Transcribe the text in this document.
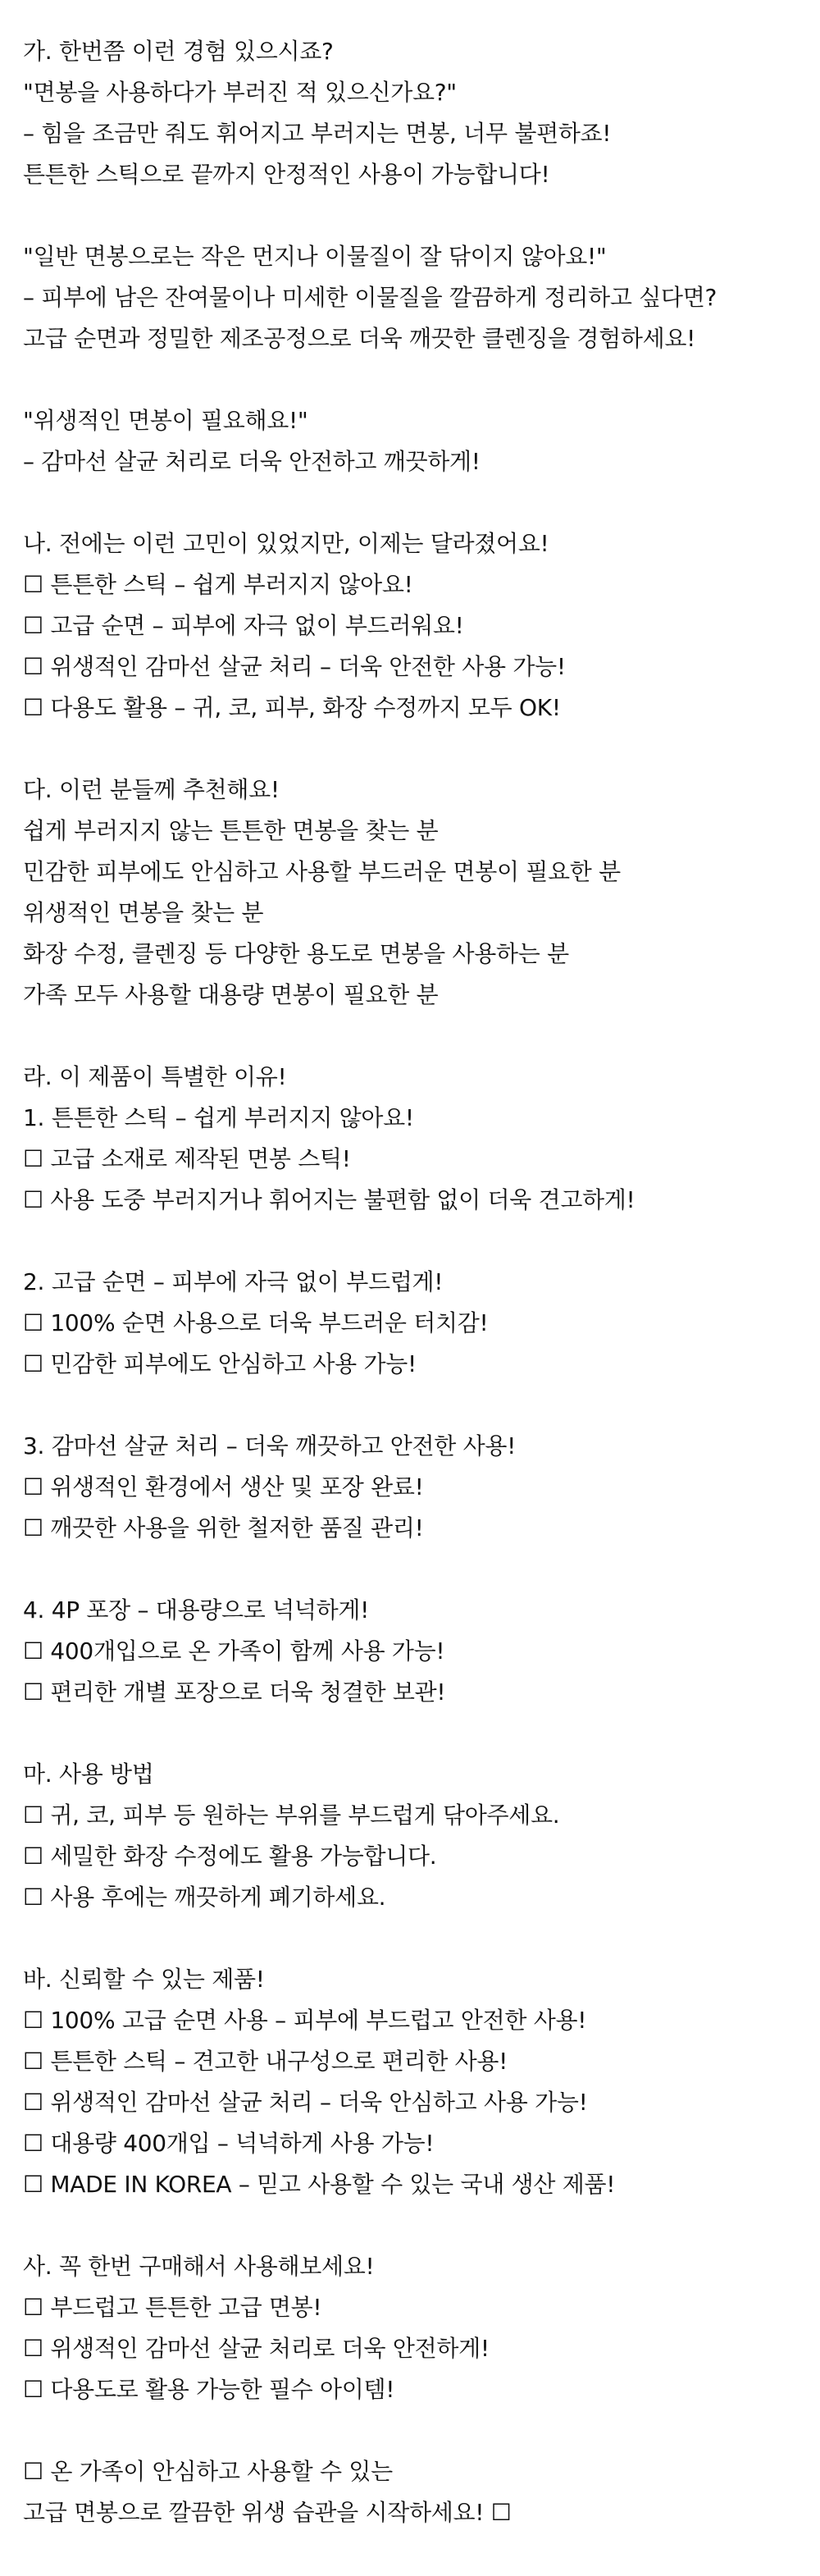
가. 한번쯤 이런 경험 있으시죠?
"면봉을 사용하다가 부러진 적 있으신가요?"
– 힘을 조금만 줘도 휘어지고 부러지는 면봉, 너무 불편하죠!
튼튼한 스틱으로 끝까지 안정적인 사용이 가능합니다!
"일반 면봉으로는 작은 먼지나 이물질이 잘 닦이지 않아요!"
– 피부에 남은 잔여물이나 미세한 이물질을 깔끔하게 정리하고 싶다면?
고급 순면과 정밀한 제조공정으로 더욱 깨끗한 클렌징을 경험하세요!
"위생적인 면봉이 필요해요!"
– 감마선 살균 처리로 더욱 안전하고 깨끗하게!
나. 전에는 이런 고민이 있었지만, 이제는 달라졌어요!
☐ 튼튼한 스틱 – 쉽게 부러지지 않아요!
☐ 고급 순면 – 피부에 자극 없이 부드러워요!
☐ 위생적인 감마선 살균 처리 – 더욱 안전한 사용 가능!
☐ 다용도 활용 – 귀, 코, 피부, 화장 수정까지 모두 OK!
다. 이런 분들께 추천해요!
쉽게 부러지지 않는 튼튼한 면봉을 찾는 분
민감한 피부에도 안심하고 사용할 부드러운 면봉이 필요한 분
위생적인 면봉을 찾는 분
화장 수정, 클렌징 등 다양한 용도로 면봉을 사용하는 분
가족 모두 사용할 대용량 면봉이 필요한 분
라. 이 제품이 특별한 이유!
1. 튼튼한 스틱 – 쉽게 부러지지 않아요!
☐ 고급 소재로 제작된 면봉 스틱!
☐ 사용 도중 부러지거나 휘어지는 불편함 없이 더욱 견고하게!
2. 고급 순면 – 피부에 자극 없이 부드럽게!
☐ 100% 순면 사용으로 더욱 부드러운 터치감!
☐ 민감한 피부에도 안심하고 사용 가능!
3. 감마선 살균 처리 – 더욱 깨끗하고 안전한 사용!
☐ 위생적인 환경에서 생산 및 포장 완료!
☐ 깨끗한 사용을 위한 철저한 품질 관리!
4. 4P 포장 – 대용량으로 넉넉하게!
☐ 400개입으로 온 가족이 함께 사용 가능!
☐ 편리한 개별 포장으로 더욱 청결한 보관!
마. 사용 방법
☐ 귀, 코, 피부 등 원하는 부위를 부드럽게 닦아주세요.
☐ 세밀한 화장 수정에도 활용 가능합니다.
☐ 사용 후에는 깨끗하게 폐기하세요.
바. 신뢰할 수 있는 제품!
☐ 100% 고급 순면 사용 – 피부에 부드럽고 안전한 사용!
☐ 튼튼한 스틱 – 견고한 내구성으로 편리한 사용!
☐ 위생적인 감마선 살균 처리 – 더욱 안심하고 사용 가능!
☐ 대용량 400개입 – 넉넉하게 사용 가능!
☐ MADE IN KOREA – 믿고 사용할 수 있는 국내 생산 제품!
사. 꼭 한번 구매해서 사용해보세요!
☐ 부드럽고 튼튼한 고급 면봉!
☐ 위생적인 감마선 살균 처리로 더욱 안전하게!
☐ 다용도로 활용 가능한 필수 아이템!
☐ 온 가족이 안심하고 사용할 수 있는
고급 면봉으로 깔끔한 위생 습관을 시작하세요! ☐
